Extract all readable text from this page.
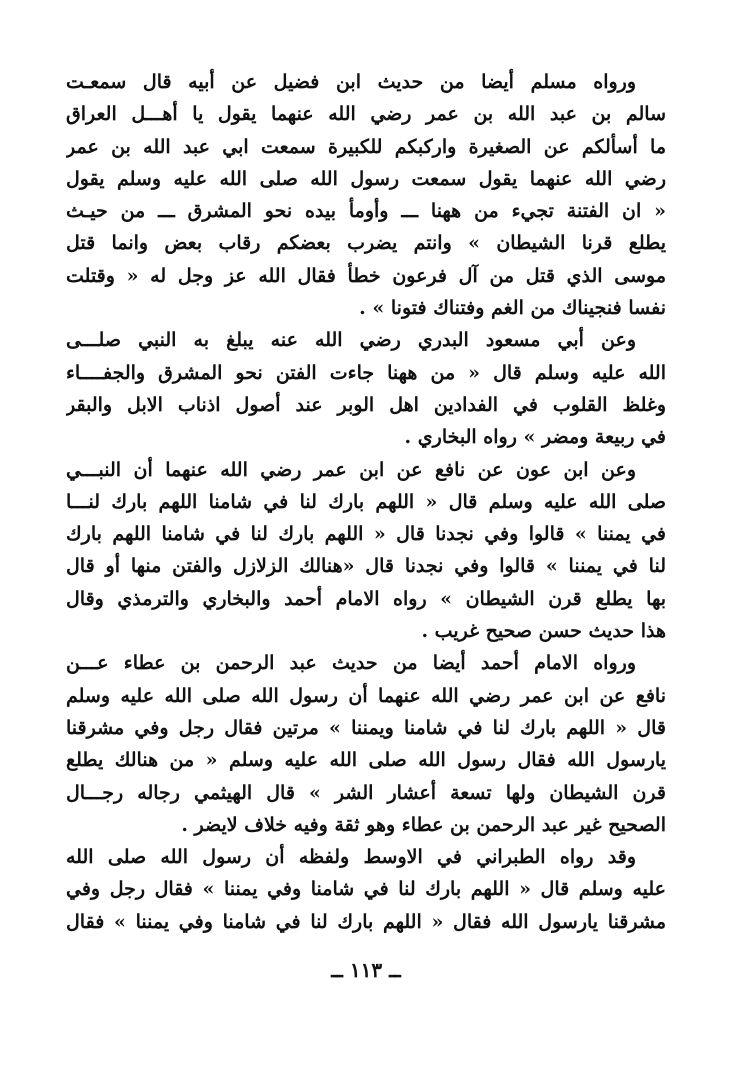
ورواه مسلم أيضا من حديث ابن فضيل عن أبيه قال سمعـت
سالم بن عبد الله بن عمر رضي الله عنهما يقول يا أهـــل العراق
ما أسألكم عن الصغيرة واركبكم للكبيرة سمعت ابي عبد الله بن عمر
رضي الله عنهما يقول سمعت رسول الله صلى الله عليه وسلم يقول
« ان الفتنة تجيء من ههنا ـــ وأومأ بيده نحو المشرق ـــ من حيـث
يطلع قرنا الشيطان » وانتم يضرب بعضكم رقاب بعض وانما قتل
موسى الذي قتل من آل فرعون خطأ فقال الله عز وجل له « وقتلت
نفسا فنجيناك من الغم وفتناك فتونا » .
وعن أبي مسعود البدري رضي الله عنه يبلغ به النبي صلـــى
الله عليه وسلم قال « من ههنا جاءت الفتن نحو المشرق والجفــــاء
وغلظ القلوب في الفدادين اهل الوبر عند أصول اذناب الابل والبقر
في ربيعة ومضر » رواه البخاري .
وعن ابن عون عن نافع عن ابن عمر رضي الله عنهما أن النبـــي
صلى الله عليه وسلم قال « اللهم بارك لنا في شامنا اللهم بارك لنـــا
في يمننا » قالوا وفي نجدنا قال « اللهم بارك لنا في شامنا اللهم بارك
لنا في يمننا » قالوا وفي نجدنا قال «هنالك الزلازل والفتن منها أو قال
بها يطلع قرن الشيطان » رواه الامام أحمد والبخاري والترمذي وقال
هذا حديث حسن صحيح غريب .
ورواه الامام أحمد أيضا من حديث عبد الرحمن بن عطاء عـــن
نافع عن ابن عمر رضي الله عنهما أن رسول الله صلى الله عليه وسلم
قال « اللهم بارك لنا في شامنا ويمننا » مرتين فقال رجل وفي مشرقنا
يارسول الله فقال رسول الله صلى الله عليه وسلم « من هنالك يطلع
قرن الشيطان ولها تسعة أعشار الشر » قال الهيثمي رجاله رجـــال
الصحيح غير عبد الرحمن بن عطاء وهو ثقة وفيه خلاف لايضر .
وقد رواه الطبراني في الاوسط ولفظه أن رسول الله صلى الله
عليه وسلم قال « اللهم بارك لنا في شامنا وفي يمننا » فقال رجل وفي
مشرقنا يارسول الله فقال « اللهم بارك لنا في شامنا وفي يمننا » فقال
ــ ١١٣ ــ
